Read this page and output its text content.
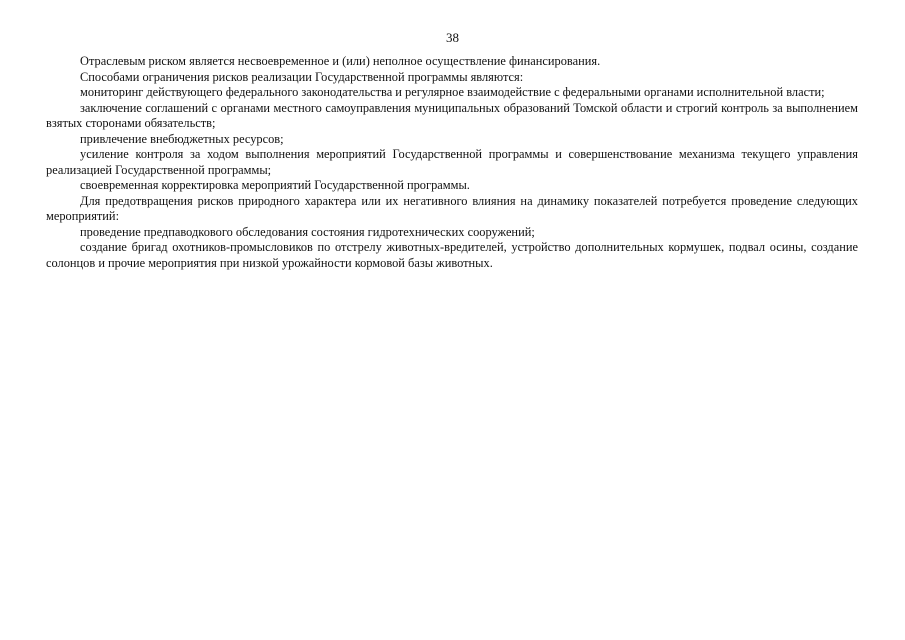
38

Отраслевым риском является несвоевременное и (или) неполное осуществление финансирования.

Способами ограничения рисков реализации Государственной программы являются:

мониторинг действующего федерального законодательства и регулярное взаимодействие с федеральными органами исполнительной власти;

заключение соглашений с органами местного самоуправления муниципальных образований Томской области и строгий контроль за выполнением взятых сторонами обязательств;

привлечение внебюджетных ресурсов;

усиление контроля за ходом выполнения мероприятий Государственной программы и совершенствование механизма текущего управления реализацией Государственной программы;

своевременная корректировка мероприятий Государственной программы.

Для предотвращения рисков природного характера или их негативного влияния на динамику показателей потребуется проведение следующих мероприятий:

проведение предпаводкового обследования состояния гидротехнических сооружений;

создание бригад охотников-промысловиков по отстрелу животных-вредителей, устройство дополнительных кормушек, подвал осины, создание солонцов и прочие мероприятия при низкой урожайности кормовой базы животных.
